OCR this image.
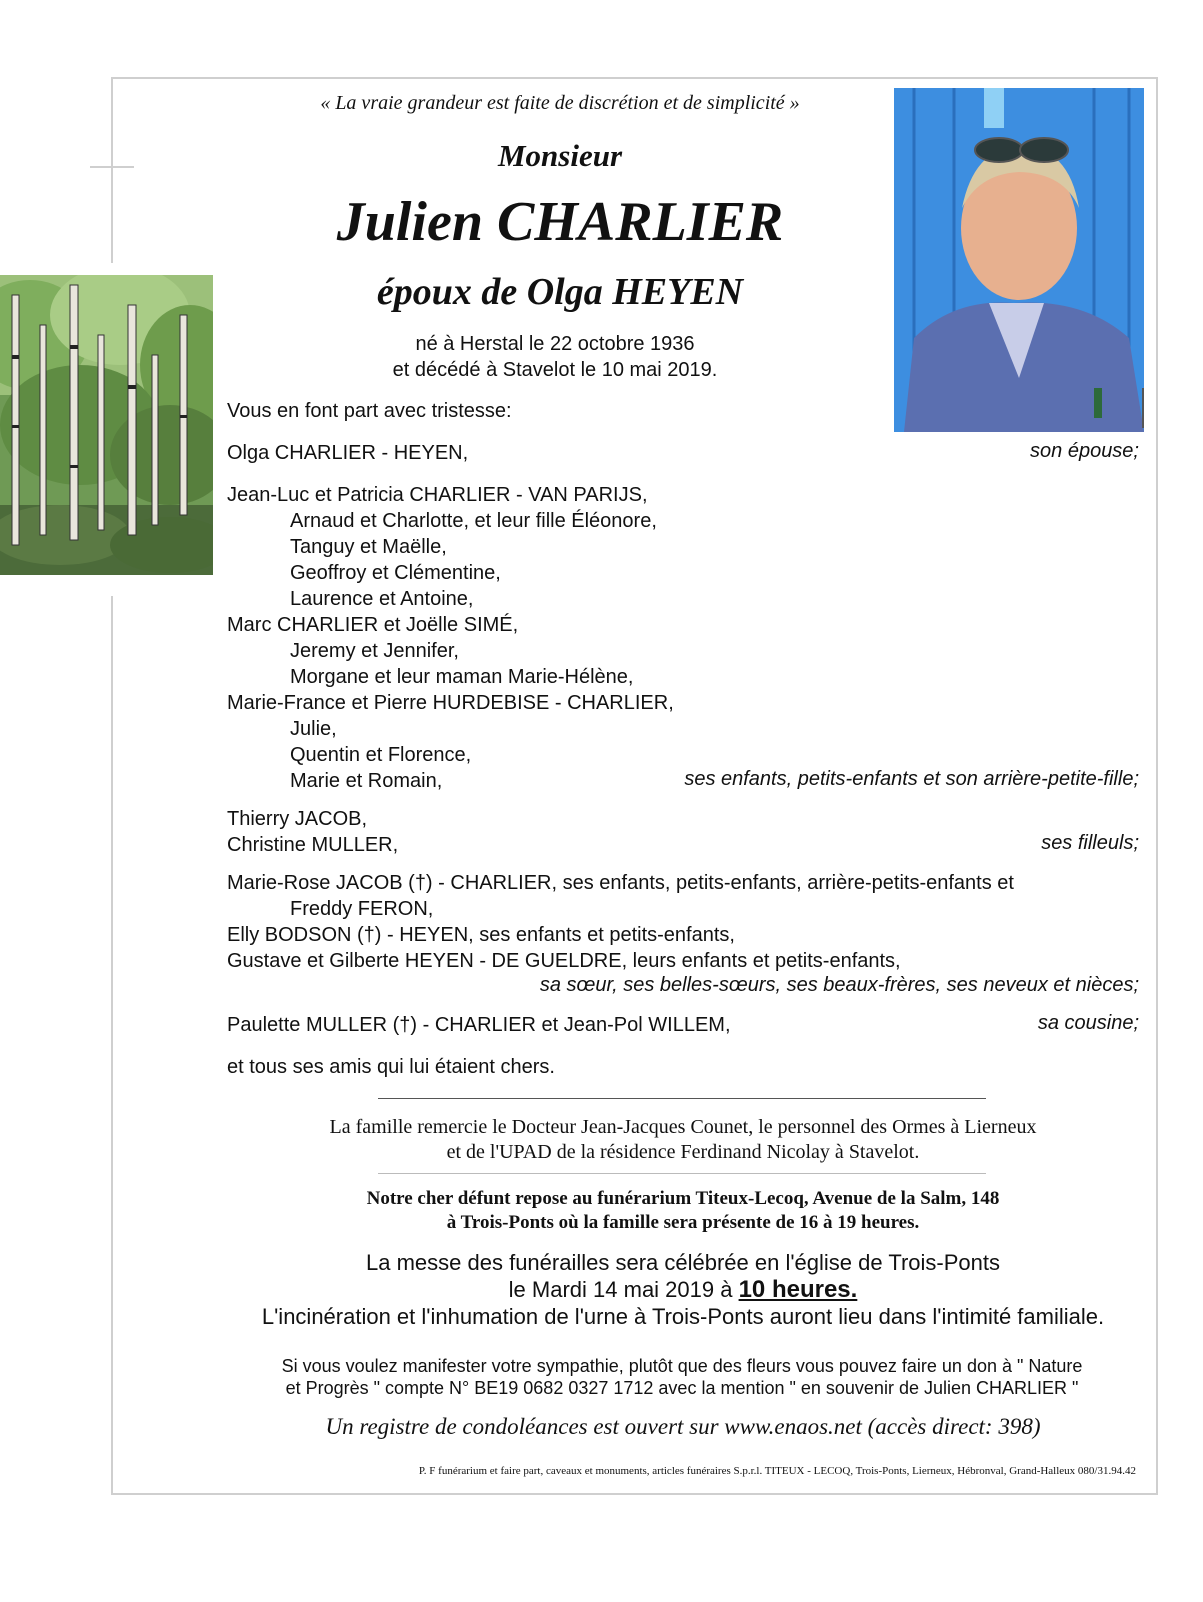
« La vraie grandeur est faite de discrétion et de simplicité »
Monsieur
Julien CHARLIER
époux de Olga HEYEN
né à Herstal le 22 octobre 1936
et décédé à Stavelot le 10 mai 2019.
Vous en font part avec tristesse:
Olga CHARLIER - HEYEN,	son épouse;
Jean-Luc et Patricia CHARLIER - VAN PARIJS,
Arnaud et Charlotte, et leur fille Éléonore,
Tanguy et Maëlle,
Geoffroy et Clémentine,
Laurence et Antoine,
Marc CHARLIER et Joëlle SIMÉ,
Jeremy et Jennifer,
Morgane et leur maman Marie-Hélène,
Marie-France et Pierre HURDEBISE - CHARLIER,
Julie,
Quentin et Florence,
Marie et Romain,	ses enfants, petits-enfants et son arrière-petite-fille;
Thierry JACOB,
Christine MULLER,	ses filleuls;
Marie-Rose JACOB (†) - CHARLIER, ses enfants, petits-enfants, arrière-petits-enfants et
Freddy FERON,
Elly BODSON (†) - HEYEN, ses enfants et petits-enfants,
Gustave et Gilberte HEYEN - DE GUELDRE, leurs enfants et petits-enfants,
sa sœur, ses belles-sœurs, ses beaux-frères, ses neveux et nièces;
Paulette MULLER (†) - CHARLIER et Jean-Pol WILLEM,	sa cousine;
et tous ses amis qui lui étaient chers.
La famille remercie le Docteur Jean-Jacques Counet, le personnel des Ormes à Lierneux
et de l'UPAD de la résidence Ferdinand Nicolay à Stavelot.
Notre cher défunt repose au funérarium Titeux-Lecoq, Avenue de la Salm, 148
à Trois-Ponts où la famille sera présente de 16 à 19 heures.
La messe des funérailles sera célébrée en l'église de Trois-Ponts
le Mardi 14 mai 2019 à 10 heures.
L'incinération et l'inhumation de l'urne à Trois-Ponts auront lieu dans l'intimité familiale.
Si vous voulez manifester votre sympathie, plutôt que des fleurs vous pouvez faire un don à " Nature
et Progrès " compte N° BE19 0682 0327 1712 avec la mention " en souvenir de Julien CHARLIER "
Un registre de condoléances est ouvert sur www.enaos.net (accès direct: 398)
P. F funérarium et faire part, caveaux et monuments, articles funéraires S.p.r.l. TITEUX - LECOQ, Trois-Ponts, Lierneux, Hébronval, Grand-Halleux 080/31.94.42
